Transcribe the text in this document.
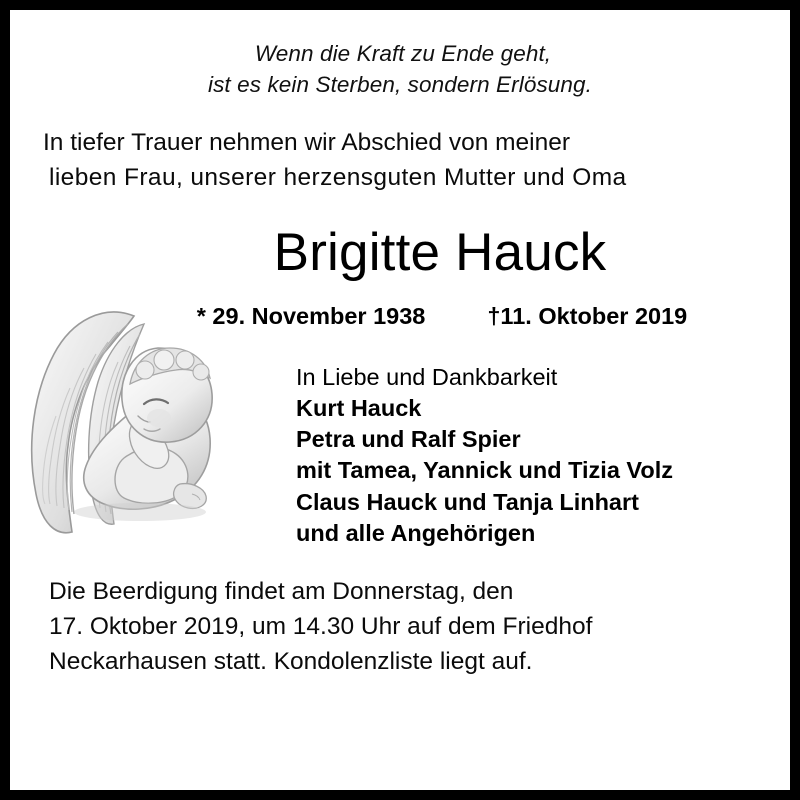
Wenn die Kraft zu Ende geht,
ist es kein Sterben, sondern Erlösung.
In tiefer Trauer nehmen wir Abschied von meiner
lieben Frau, unserer herzensguten Mutter und Oma
Brigitte Hauck
* 29. November 1938	†11. Oktober 2019
In Liebe und Dankbarkeit
Kurt Hauck
Petra und Ralf Spier
mit Tamea, Yannick und Tizia Volz
Claus Hauck und Tanja Linhart
und alle Angehörigen
Die Beerdigung findet am Donnerstag, den
17. Oktober 2019, um 14.30 Uhr auf dem Friedhof
Neckarhausen statt. Kondolenzliste liegt auf.
